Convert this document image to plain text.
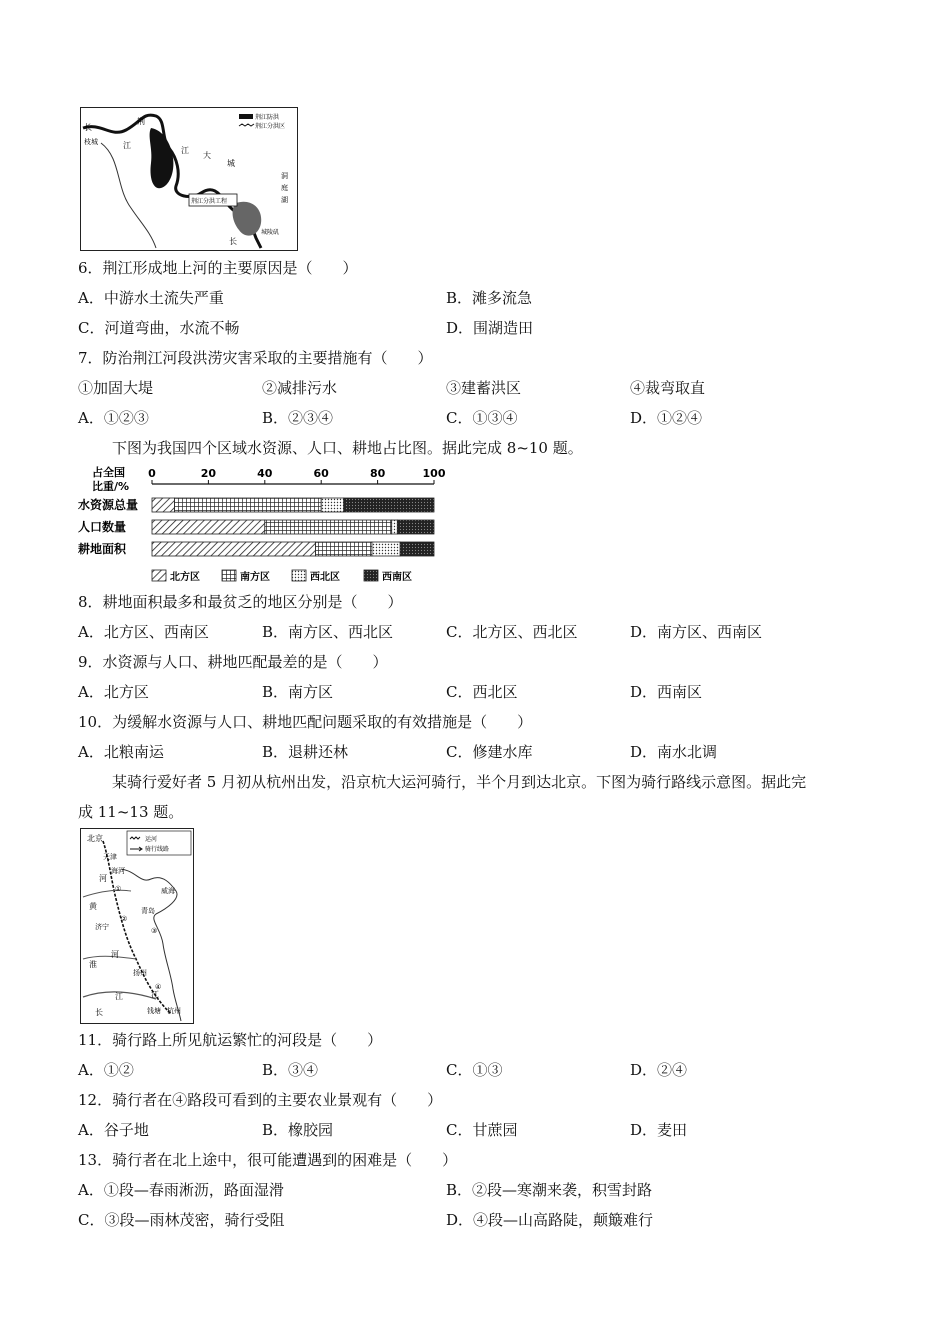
荆江防洪
荆江分洪区
荆江分洪工程
长
枝城
荆
江
江
大
城
洞
庭
湖
城陵矶
长
6．荆江形成地上河的主要原因是（　　）
A．中游水土流失严重	B．滩多流急
C．河道弯曲，水流不畅	D．围湖造田
7．防治荆江河段洪涝灾害采取的主要措施有（　　）
①加固大堤	②减排污水	③建蓄洪区	④裁弯取直
A．①②③	B．②③④	C．①③④	D．①②④
下图为我国四个区域水资源、人口、耕地占比图。据此完成 8~10 题。
占全国
比重/%
0	20	40	60	80	100
水资源总量
人口数量
耕地面积
北方区	南方区	西北区	西南区
8．耕地面积最多和最贫乏的地区分别是（　　）
A．北方区、西南区	B．南方区、西北区	C．北方区、西北区	D．南方区、西南区
9．水资源与人口、耕地匹配最差的是（　　）
A．北方区	B．南方区	C．西北区	D．西南区
10．为缓解水资源与人口、耕地匹配问题采取的有效措施是（　　）
A．北粮南运	B．退耕还林	C．修建水库	D．南水北调
某骑行爱好者 5 月初从杭州出发，沿京杭大运河骑行，半个月到达北京。下图为骑行路线示意图。据此完
成 11~13 题。
运河
骑行线路
北京
天津
海河
黄
河
威海
青岛
济宁
淮
河
扬州
江
长
江
钱塘 杭州
①
②
③
④
11．骑行路上所见航运繁忙的河段是（　　）
A．①②	B．③④	C．①③	D．②④
12．骑行者在④路段可看到的主要农业景观有（　　）
A．谷子地	B．橡胶园	C．甘蔗园	D．麦田
13．骑行者在北上途中，很可能遭遇到的困难是（　　）
A．①段—春雨淅沥，路面湿滑	B．②段—寒潮来袭，积雪封路
C．③段—雨林茂密，骑行受阻	D．④段—山高路陡，颠簸难行
